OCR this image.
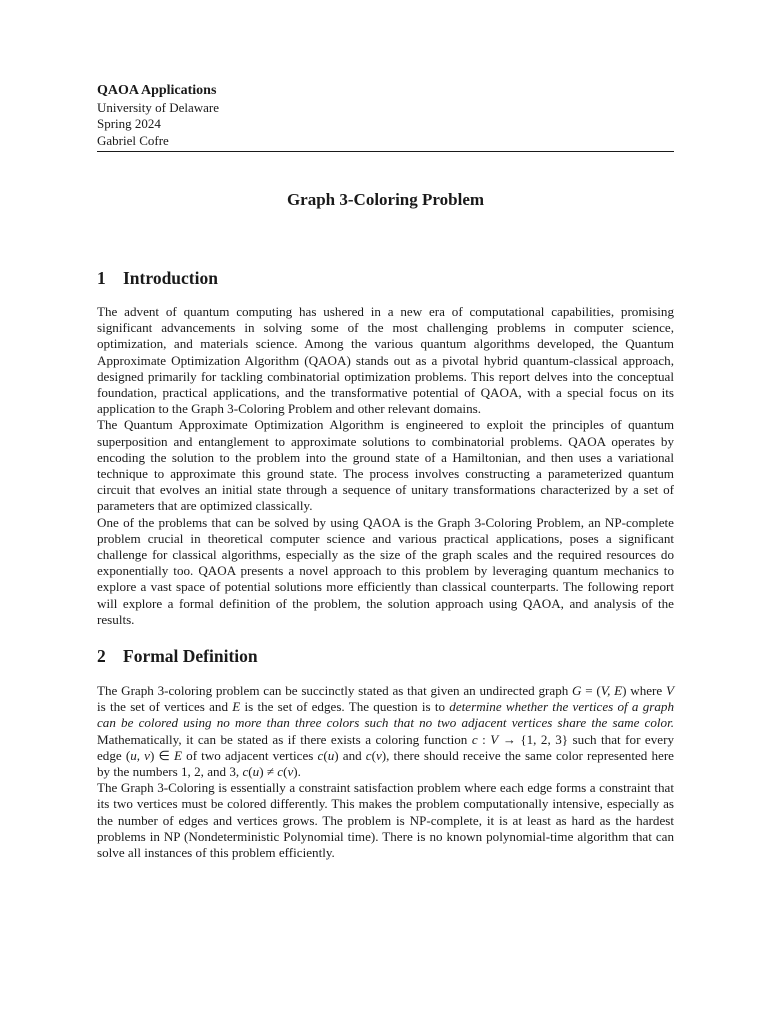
QAOA Applications
University of Delaware
Spring 2024
Gabriel Cofre
Graph 3-Coloring Problem
1 Introduction

The advent of quantum computing has ushered in a new era of computational capabilities, promising significant advancements in solving some of the most challenging problems in computer science, optimization, and materials science. Among the various quantum algorithms developed, the Quantum Approximate Optimization Algorithm (QAOA) stands out as a pivotal hybrid quantum-classical approach, designed primarily for tackling combinatorial optimization problems. This report delves into the conceptual foundation, practical applications, and the transformative potential of QAOA, with a special focus on its application to the Graph 3-Coloring Problem and other relevant domains.

The Quantum Approximate Optimization Algorithm is engineered to exploit the principles of quantum superposition and entanglement to approximate solutions to combinatorial problems. QAOA operates by encoding the solution to the problem into the ground state of a Hamiltonian, and then uses a variational technique to approximate this ground state. The process involves constructing a parameterized quantum circuit that evolves an initial state through a sequence of unitary transformations characterized by a set of parameters that are optimized classically.

One of the problems that can be solved by using QAOA is the Graph 3-Coloring Problem, an NP-complete problem crucial in theoretical computer science and various practical applications, poses a significant challenge for classical algorithms, especially as the size of the graph scales and the required resources do exponentially too. QAOA presents a novel approach to this problem by leveraging quantum mechanics to explore a vast space of potential solutions more efficiently than classical counterparts. The following report will explore a formal definition of the problem, the solution approach using QAOA, and analysis of the results.

2 Formal Definition

The Graph 3-coloring problem can be succinctly stated as that given an undirected graph G = (V, E) where V is the set of vertices and E is the set of edges. The question is to determine whether the vertices of a graph can be colored using no more than three colors such that no two adjacent vertices share the same color. Mathematically, it can be stated as if there exists a coloring function c : V → {1, 2, 3} such that for every edge (u, v) ∈ E of two adjacent vertices c(u) and c(v), there should receive the same color represented here by the numbers 1, 2, and 3, c(u) ≠ c(v).

The Graph 3-Coloring is essentially a constraint satisfaction problem where each edge forms a constraint that its two vertices must be colored differently. This makes the problem computationally intensive, especially as the number of edges and vertices grows. The problem is NP-complete, it is at least as hard as the hardest problems in NP (Nondeterministic Polynomial time). There is no known polynomial-time algorithm that can solve all instances of this problem efficiently.
